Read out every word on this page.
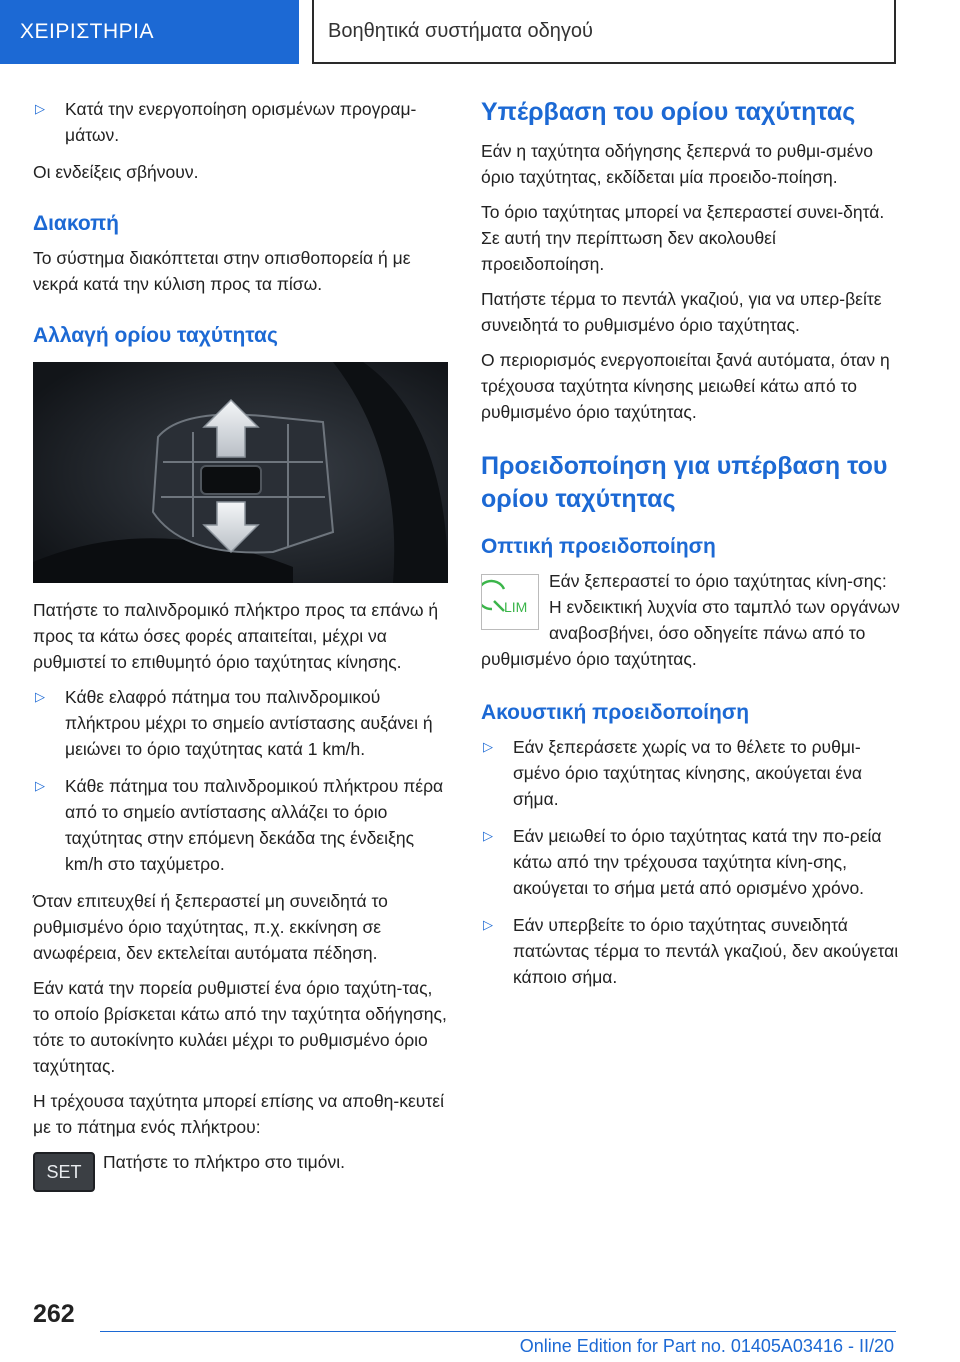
ΧΕΙΡΙΣΤΗΡΙΑ	Βοηθητικά συστήματα οδηγού
▷ Κατά την ενεργοποίηση ορισμένων προγραμ-μάτων.

Οι ενδείξεις σβήνουν.

Διακοπή

Το σύστημα διακόπτεται στην οπισθοπορεία ή με νεκρά κατά την κύλιση προς τα πίσω.

Αλλαγή ορίου ταχύτητας

Πατήστε το παλινδρομικό πλήκτρο προς τα επάνω ή προς τα κάτω όσες φορές απαιτείται, μέχρι να ρυθμιστεί το επιθυμητό όριο ταχύτητας κίνησης.

▷ Κάθε ελαφρό πάτημα του παλινδρομικού πλήκτρου μέχρι το σημείο αντίστασης αυξάνει ή μειώνει το όριο ταχύτητας κατά 1 km/h.
▷ Κάθε πάτημα του παλινδρομικού πλήκτρου πέρα από το σημείο αντίστασης αλλάζει το όριο ταχύτητας στην επόμενη δεκάδα της ένδειξης km/h στο ταχύμετρο.

Όταν επιτευχθεί ή ξεπεραστεί μη συνειδητά το ρυθμισμένο όριο ταχύτητας, π.χ. εκκίνηση σε ανωφέρεια, δεν εκτελείται αυτόματα πέδηση.

Εάν κατά την πορεία ρυθμιστεί ένα όριο ταχύτη-τας, το οποίο βρίσκεται κάτω από την ταχύτητα οδήγησης, τότε το αυτοκίνητο κυλάει μέχρι το ρυθμισμένο όριο ταχύτητας.

Η τρέχουσα ταχύτητα μπορεί επίσης να αποθη-κευτεί με το πάτημα ενός πλήκτρου:

SET	Πατήστε το πλήκτρο στο τιμόνι.

Υπέρβαση του ορίου ταχύτητας

Εάν η ταχύτητα οδήγησης ξεπερνά το ρυθμι-σμένο όριο ταχύτητας, εκδίδεται μία προειδο-ποίηση.

Το όριο ταχύτητας μπορεί να ξεπεραστεί συνει-δητά. Σε αυτή την περίπτωση δεν ακολουθεί προειδοποίηση.

Πατήστε τέρμα το πεντάλ γκαζιού, για να υπερ-βείτε συνειδητά το ρυθμισμένο όριο ταχύτητας.

Ο περιορισμός ενεργοποιείται ξανά αυτόματα, όταν η τρέχουσα ταχύτητα κίνησης μειωθεί κάτω από το ρυθμισμένο όριο ταχύτητας.

Προειδοποίηση για υπέρβαση του ορίου ταχύτητας
Οπτική προειδοποίηση
LIM

Εάν ξεπεραστεί το όριο ταχύτητας κίνη-σης: Η ενδεικτική λυχνία στο ταμπλό των οργάνων αναβοσβήνει, όσο οδηγείτε πάνω από το ρυθμισμένο όριο ταχύτητας.

Ακουστική προειδοποίηση
▷ Εάν ξεπεράσετε χωρίς να το θέλετε το ρυθμι-σμένο όριο ταχύτητας κίνησης, ακούγεται ένα σήμα.
▷ Εάν μειωθεί το όριο ταχύτητας κατά την πο-ρεία κάτω από την τρέχουσα ταχύτητα κίνη-σης, ακούγεται το σήμα μετά από ορισμένο χρόνο.
▷ Εάν υπερβείτε το όριο ταχύτητας συνειδητά πατώντας τέρμα το πεντάλ γκαζιού, δεν ακούγεται κάποιο σήμα.
262
Online Edition for Part no. 01405A03416 - II/20
